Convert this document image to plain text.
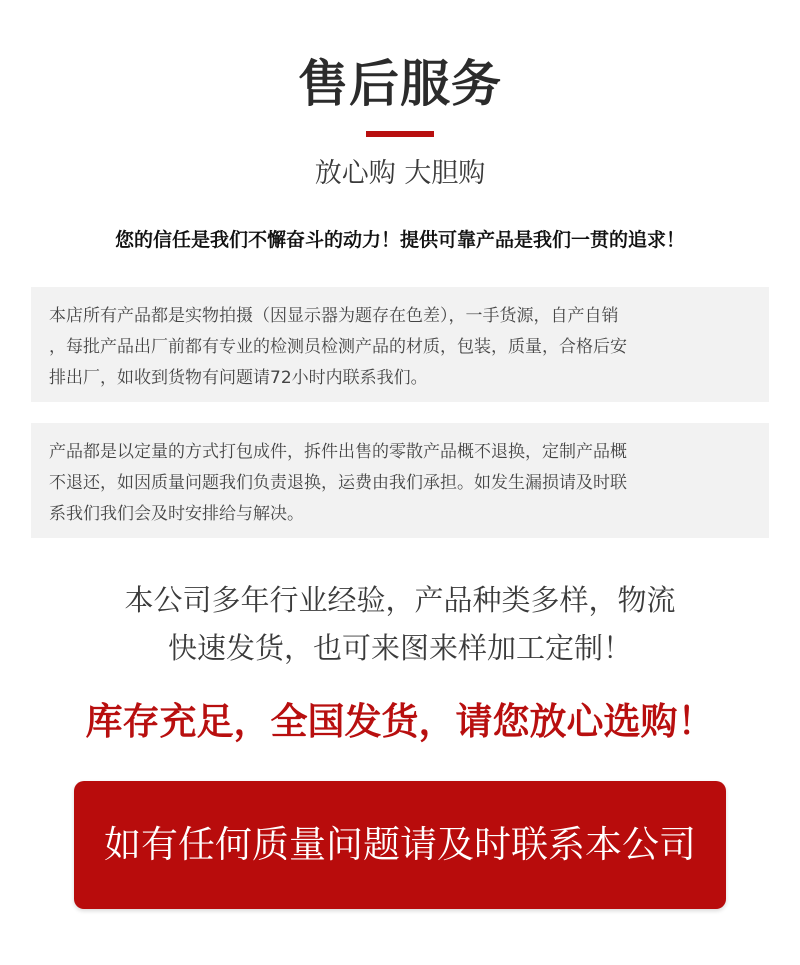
售后服务
放心购 大胆购
您的信任是我们不懈奋斗的动力！提供可靠产品是我们一贯的追求！
本店所有产品都是实物拍摄（因显示器为题存在色差），一手货源，自产自销
，每批产品出厂前都有专业的检测员检测产品的材质，包装，质量，合格后安
排出厂，如收到货物有问题请72小时内联系我们。
产品都是以定量的方式打包成件，拆件出售的零散产品概不退换，定制产品概
不退还，如因质量问题我们负责退换，运费由我们承担。如发生漏损请及时联
系我们我们会及时安排给与解决。
本公司多年行业经验，产品种类多样，物流
快速发货，也可来图来样加工定制！
库存充足，全国发货，请您放心选购！
如有任何质量问题请及时联系本公司
